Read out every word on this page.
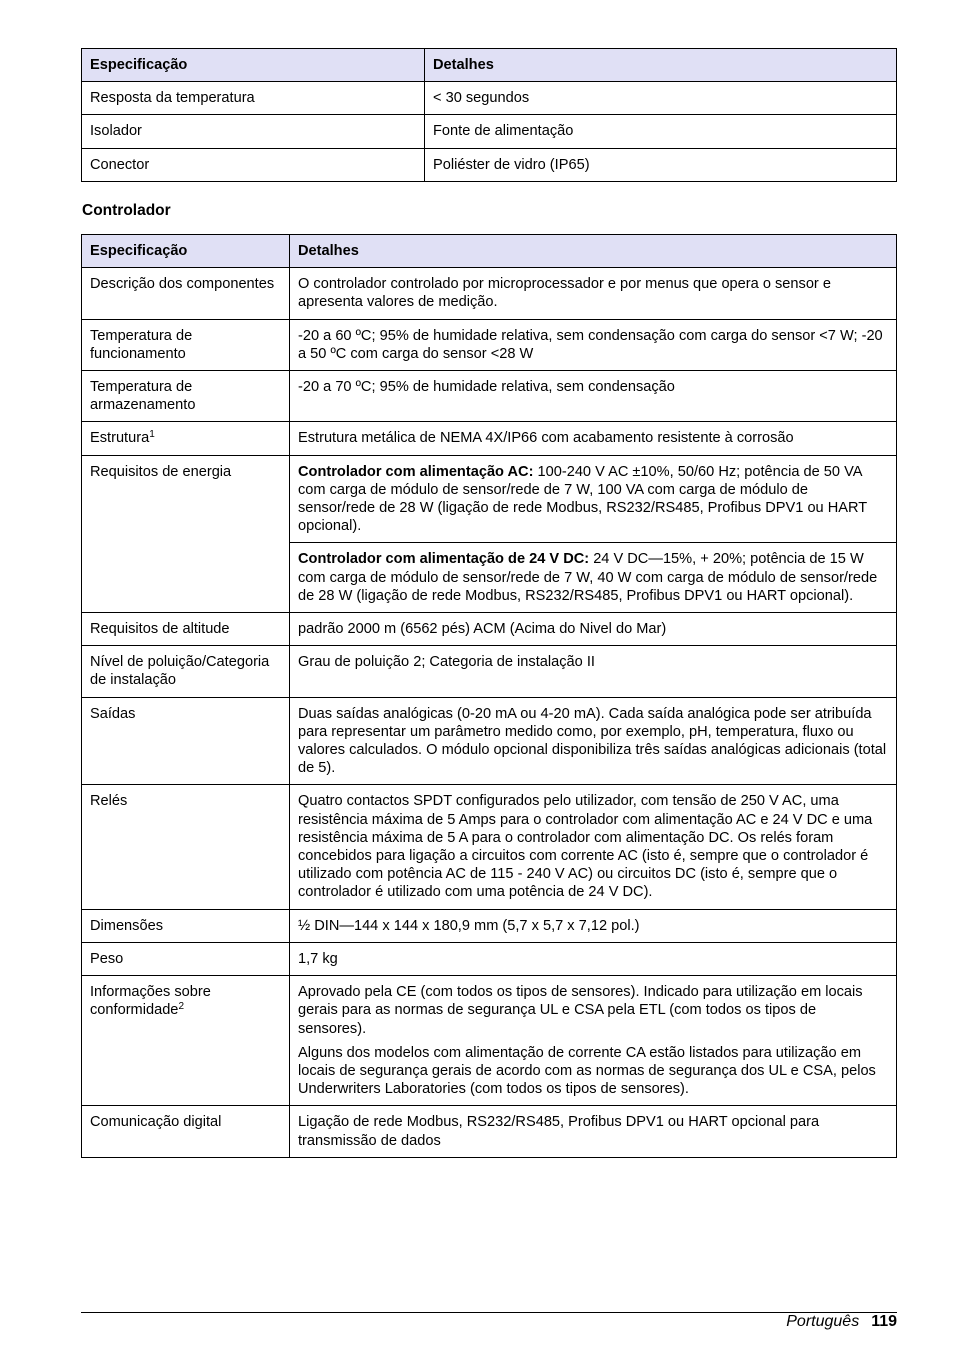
Especificação	Detalhes
Resposta da temperatura	< 30 segundos
Isolador	Fonte de alimentação
Conector	Poliéster de vidro (IP65)
Controlador
Especificação	Detalhes
Descrição dos componentes	O controlador controlado por microprocessador e por menus que opera o sensor e apresenta valores de medição.
Temperatura de funcionamento	-20 a 60 ºC; 95% de humidade relativa, sem condensação com carga do sensor <7 W; -20 a 50 ºC com carga do sensor <28 W
Temperatura de armazenamento	-20 a 70 ºC; 95% de humidade relativa, sem condensação
Estrutura$^1$	Estrutura metálica de NEMA 4X/IP66 com acabamento resistente à corrosão
Requisitos de energia	Controlador com alimentação AC: 100-240 V AC ±10%, 50/60 Hz; potência de 50 VA com carga de módulo de sensor/rede de 7 W, 100 VA com carga de módulo de sensor/rede de 28 W (ligação de rede Modbus, RS232/RS485, Profibus DPV1 ou HART opcional).
Controlador com alimentação de 24 V DC: 24 V DC—15%, + 20%; potência de 15 W com carga de módulo de sensor/rede de 7 W, 40 W com carga de módulo de sensor/rede de 28 W (ligação de rede Modbus, RS232/RS485, Profibus DPV1 ou HART opcional).

Requisitos de altitude	padrão 2000 m (6562 pés) ACM (Acima do Nivel do Mar)
Nível de poluição/Categoria de instalação	Grau de poluição 2; Categoria de instalação II
Saídas	Duas saídas analógicas (0-20 mA ou 4-20 mA). Cada saída analógica pode ser atribuída para representar um parâmetro medido como, por exemplo, pH, temperatura, fluxo ou valores calculados. O módulo opcional disponibiliza três saídas analógicas adicionais (total de 5).
Relés	Quatro contactos SPDT configurados pelo utilizador, com tensão de 250 V AC, uma resistência máxima de 5 Amps para o controlador com alimentação AC e 24 V DC e uma resistência máxima de 5 A para o controlador com alimentação DC. Os relés foram concebidos para ligação a circuitos com corrente AC (isto é, sempre que o controlador é utilizado com potência AC de 115 - 240 V AC) ou circuitos DC (isto é, sempre que o controlador é utilizado com uma potência de 24 V DC).
Dimensões	½ DIN—144 x 144 x 180,9 mm (5,7 x 5,7 x 7,12 pol.)
Peso	1,7 kg
Informações sobre conformidade$^2$	Aprovado pela CE (com todos os tipos de sensores). Indicado para utilização em locais gerais para as normas de segurança UL e CSA pela ETL (com todos os tipos de sensores).
Alguns dos modelos com alimentação de corrente CA estão listados para utilização em locais de segurança gerais de acordo com as normas de segurança dos UL e CSA, pelos Underwriters Laboratories (com todos os tipos de sensores).

Comunicação digital	Ligação de rede Modbus, RS232/RS485, Profibus DPV1 ou HART opcional para transmissão de dados
Português 119
